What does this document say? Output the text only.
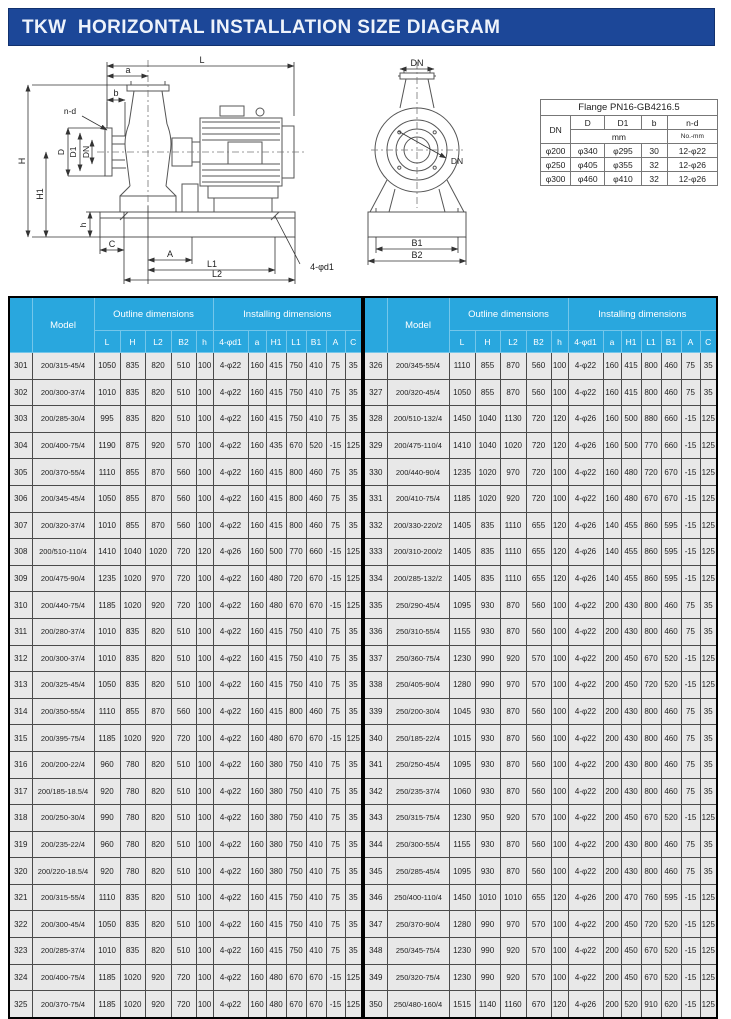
TKW  HORIZONTAL INSTALLATION SIZE DIAGRAM
L
a
b
n-d
D D1 DN
H
H1
h
C
A
L1
L2
4-φd1
DN
DN
B1
B2
Flange PN16-GB4216.5				
DN	D	D1	b	n-d
	mm			No.-mm
φ200	φ340	φ295	30	12-φ22
φ250	φ405	φ355	32	12-φ26
φ300	φ460	φ410	32	12-φ26
	Model	Outline dimensions					Installing dimensions						
		L	H	L2	B2	h	4-φd1	a	H1	L1	B1	A	C
301	200/315-45/4	1050	835	820	510	100	4-φ22	160	415	750	410	75	35
302	200/300-37/4	1010	835	820	510	100	4-φ22	160	415	750	410	75	35
303	200/285-30/4	995	835	820	510	100	4-φ22	160	415	750	410	75	35
304	200/400-75/4	1190	875	920	570	100	4-φ22	160	435	670	520	-15	125
305	200/370-55/4	1110	855	870	560	100	4-φ22	160	415	800	460	75	35
306	200/345-45/4	1050	855	870	560	100	4-φ22	160	415	800	460	75	35
307	200/320-37/4	1010	855	870	560	100	4-φ22	160	415	800	460	75	35
308	200/510-110/4	1410	1040	1020	720	120	4-φ26	160	500	770	660	-15	125
309	200/475-90/4	1235	1020	970	720	100	4-φ22	160	480	720	670	-15	125
310	200/440-75/4	1185	1020	920	720	100	4-φ22	160	480	670	670	-15	125
311	200/280-37/4	1010	835	820	510	100	4-φ22	160	415	750	410	75	35
312	200/300-37/4	1010	835	820	510	100	4-φ22	160	415	750	410	75	35
313	200/325-45/4	1050	835	820	510	100	4-φ22	160	415	750	410	75	35
314	200/350-55/4	1110	855	870	560	100	4-φ22	160	415	800	460	75	35
315	200/395-75/4	1185	1020	920	720	100	4-φ22	160	480	670	670	-15	125
316	200/200-22/4	960	780	820	510	100	4-φ22	160	380	750	410	75	35
317	200/185-18.5/4	920	780	820	510	100	4-φ22	160	380	750	410	75	35
318	200/250-30/4	990	780	820	510	100	4-φ22	160	380	750	410	75	35
319	200/235-22/4	960	780	820	510	100	4-φ22	160	380	750	410	75	35
320	200/220-18.5/4	920	780	820	510	100	4-φ22	160	380	750	410	75	35
321	200/315-55/4	1110	835	820	510	100	4-φ22	160	415	750	410	75	35
322	200/300-45/4	1050	835	820	510	100	4-φ22	160	415	750	410	75	35
323	200/285-37/4	1010	835	820	510	100	4-φ22	160	415	750	410	75	35
324	200/400-75/4	1185	1020	920	720	100	4-φ22	160	480	670	670	-15	125
325	200/370-75/4	1185	1020	920	720	100	4-φ22	160	480	670	670	-15	125
	Model	Outline dimensions					Installing dimensions						
		L	H	L2	B2	h	4-φd1	a	H1	L1	B1	A	C
326	200/345-55/4	1110	855	870	560	100	4-φ22	160	415	800	460	75	35
327	200/320-45/4	1050	855	870	560	100	4-φ22	160	415	800	460	75	35
328	200/510-132/4	1450	1040	1130	720	120	4-φ26	160	500	880	660	-15	125
329	200/475-110/4	1410	1040	1020	720	120	4-φ26	160	500	770	660	-15	125
330	200/440-90/4	1235	1020	970	720	100	4-φ22	160	480	720	670	-15	125
331	200/410-75/4	1185	1020	920	720	100	4-φ22	160	480	670	670	-15	125
332	200/330-220/2	1405	835	1110	655	120	4-φ26	140	455	860	595	-15	125
333	200/310-200/2	1405	835	1110	655	120	4-φ26	140	455	860	595	-15	125
334	200/285-132/2	1405	835	1110	655	120	4-φ26	140	455	860	595	-15	125
335	250/290-45/4	1095	930	870	560	100	4-φ22	200	430	800	460	75	35
336	250/310-55/4	1155	930	870	560	100	4-φ22	200	430	800	460	75	35
337	250/360-75/4	1230	990	920	570	100	4-φ22	200	450	670	520	-15	125
338	250/405-90/4	1280	990	970	570	100	4-φ22	200	450	720	520	-15	125
339	250/200-30/4	1045	930	870	560	100	4-φ22	200	430	800	460	75	35
340	250/185-22/4	1015	930	870	560	100	4-φ22	200	430	800	460	75	35
341	250/250-45/4	1095	930	870	560	100	4-φ22	200	430	800	460	75	35
342	250/235-37/4	1060	930	870	560	100	4-φ22	200	430	800	460	75	35
343	250/315-75/4	1230	950	920	570	100	4-φ22	200	450	670	520	-15	125
344	250/300-55/4	1155	930	870	560	100	4-φ22	200	430	800	460	75	35
345	250/285-45/4	1095	930	870	560	100	4-φ22	200	430	800	460	75	35
346	250/400-110/4	1450	1010	1010	655	120	4-φ26	200	470	760	595	-15	125
347	250/370-90/4	1280	990	970	570	100	4-φ22	200	450	720	520	-15	125
348	250/345-75/4	1230	990	920	570	100	4-φ22	200	450	670	520	-15	125
349	250/320-75/4	1230	990	920	570	100	4-φ22	200	450	670	520	-15	125
350	250/480-160/4	1515	1140	1160	670	120	4-φ26	200	520	910	620	-15	125
